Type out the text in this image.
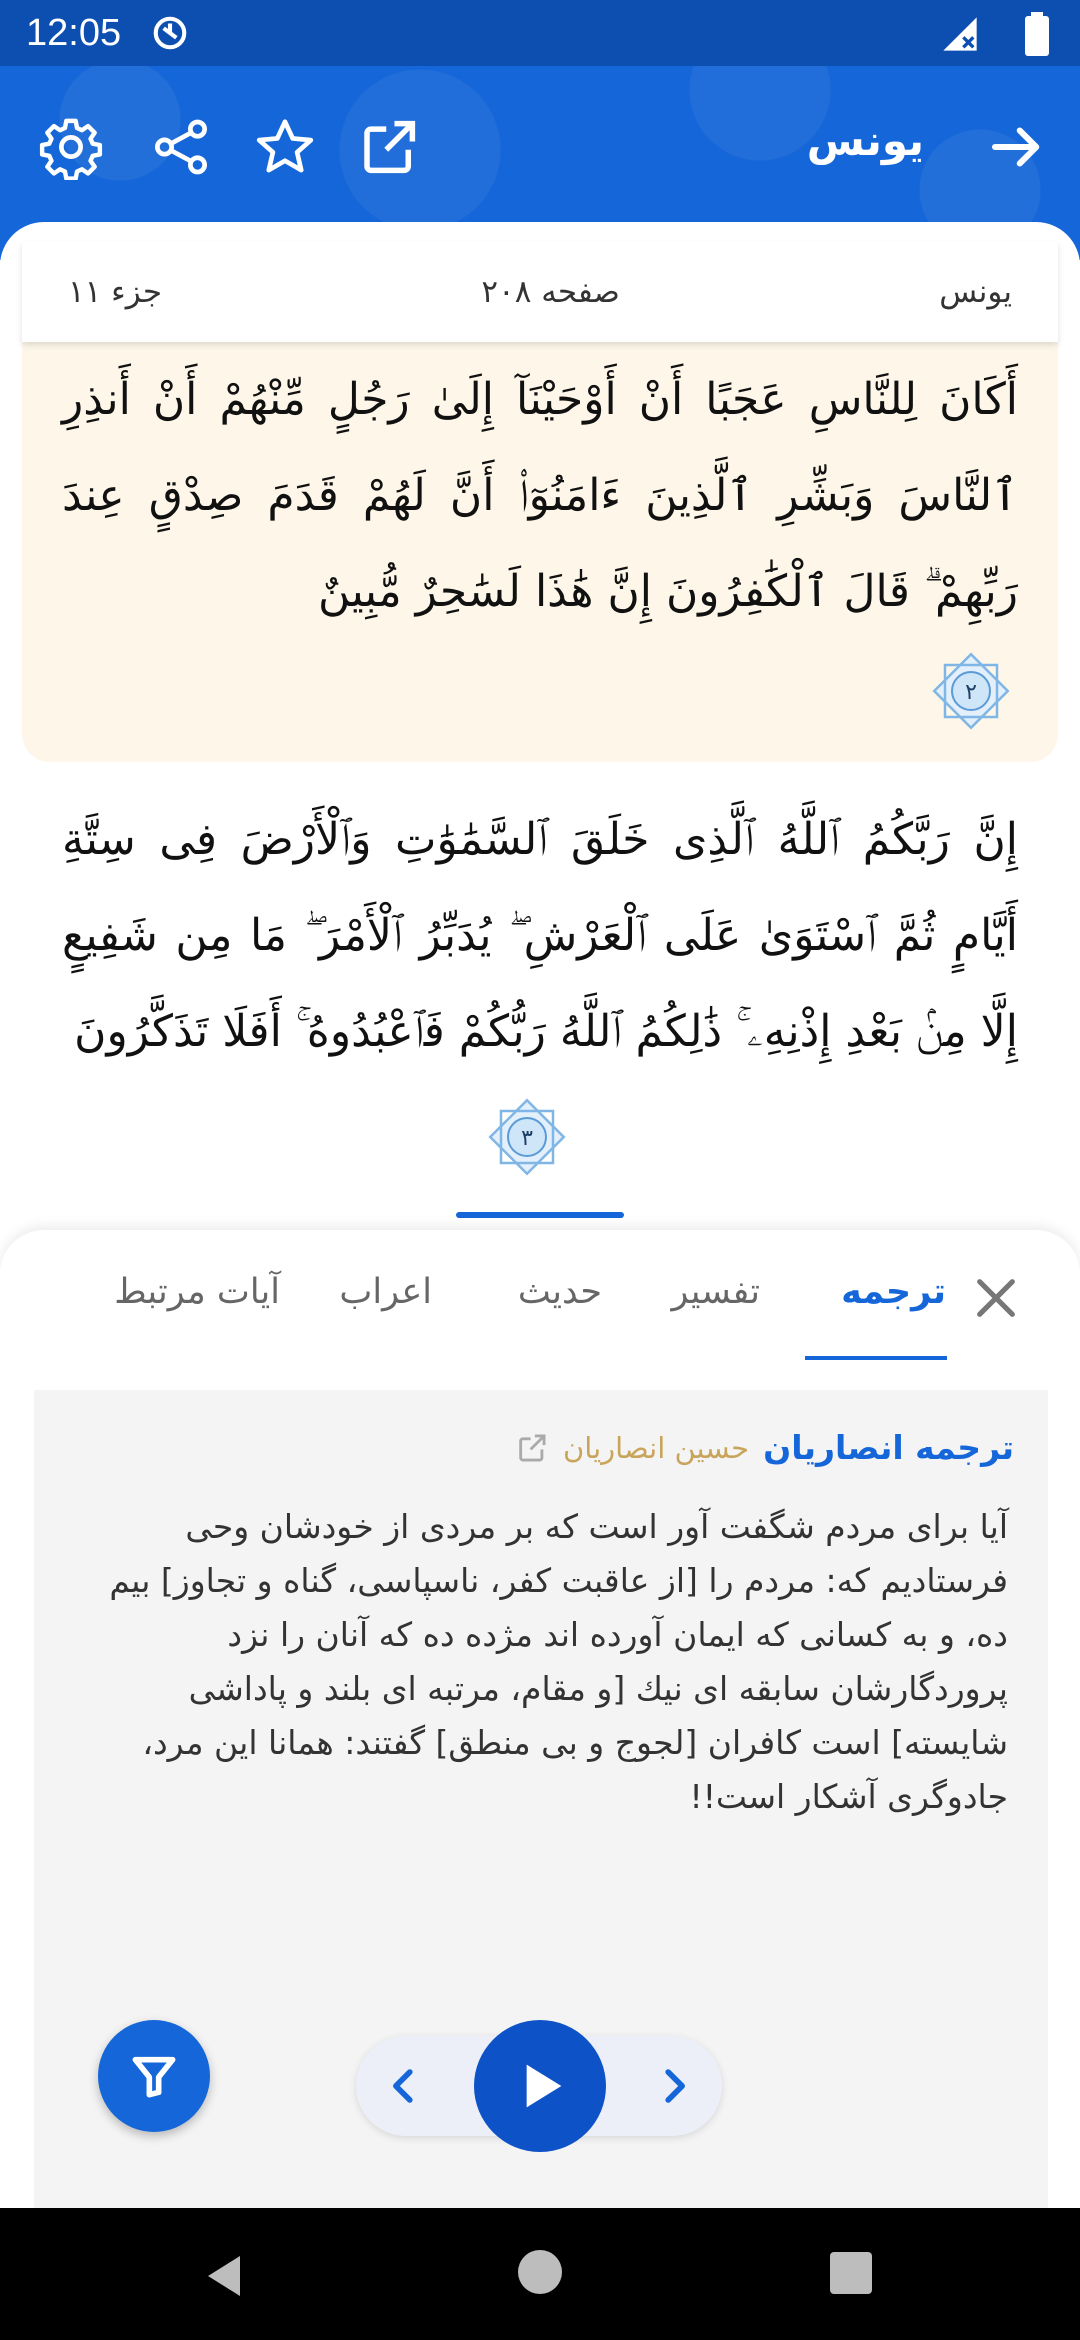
12:05
یونس
یونس
صفحه ۲۰۸
جزء ۱۱
أَكَانَ لِلنَّاسِ عَجَبًا أَنْ أَوْحَيْنَآ إِلَىٰ رَجُلٍ مِّنْهُمْ أَنْ أَنذِرِ ٱلنَّاسَ وَبَشِّرِ ٱلَّذِينَ ءَامَنُوٓا۟ أَنَّ لَهُمْ قَدَمَ صِدْقٍ عِندَ رَبِّهِمْ ۗ قَالَ ٱلْكَٰفِرُونَ إِنَّ هَٰذَا لَسَٰحِرٌ مُّبِينٌ
۲
إِنَّ رَبَّكُمُ ٱللَّهُ ٱلَّذِى خَلَقَ ٱلسَّمَٰوَٰتِ وَٱلْأَرْضَ فِى سِتَّةِ أَيَّامٍ ثُمَّ ٱسْتَوَىٰ عَلَى ٱلْعَرْشِ ۖ يُدَبِّرُ ٱلْأَمْرَ ۖ مَا مِن شَفِيعٍ إِلَّا مِنۢ بَعْدِ إِذْنِهِۦ ۚ ذَٰلِكُمُ ٱللَّهُ رَبُّكُمْ فَٱعْبُدُوهُ ۚ أَفَلَا تَذَكَّرُونَ
۳
ترجمه
تفسیر
حدیث
اعراب
آیات مرتبط
ترجمه انصاریان
حسین انصاریان
آیا برای مردم شگفت آور است که بر مردی از خودشان وحی فرستادیم که: مردم را [از عاقبت کفر، ناسپاسی، گناه و تجاوز] بیم ده، و به کسانی که ایمان آورده اند مژده ده که آنان را نزد پروردگارشان سابقه ای نیك [و مقام، مرتبه ای بلند و پاداشی شایسته] است کافران [لجوج و بی منطق] گفتند: همانا این مرد، جادوگری آشکار است!!
